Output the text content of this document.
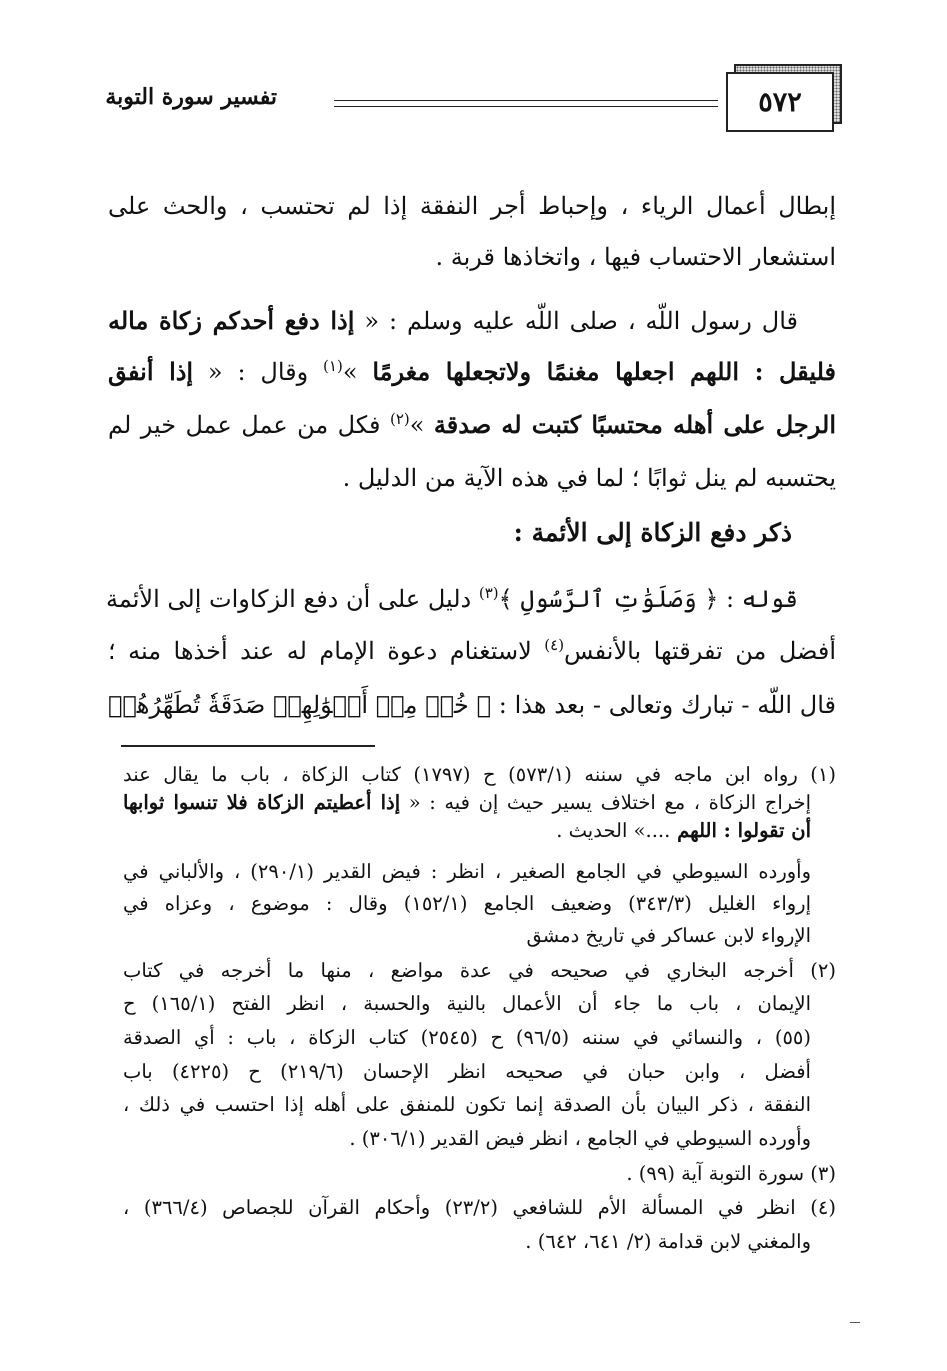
٥٧٢
تفسير سورة التوبة
إبطال أعمال الرياء ، وإحباط أجر النفقة إذا لم تحتسب ، والحث على
استشعار الاحتساب فيها ، واتخاذها قربة .
قال رسول اللّه ، صلى اللّه عليه وسلم : « إذا دفع أحدكم زكاة ماله
فليقل : اللهم اجعلها مغنمًا ولاتجعلها مغرمًا »$^{(١)}$ وقال : « إذا أنفق
الرجل على أهله محتسبًا كتبت له صدقة »$^{(٢)}$ فكل من عمل عمل خير لم
يحتسبه لم ينل ثوابًا ؛ لما في هذه الآية من الدليل .
ذكر دفع الزكاة إلى الأئمة :
قوله : ﴿ وَصَلَوَٰتِ ٱلرَّسُولِ ﴾$^{(٣)}$ دليل على أن دفع الزكاوات إلى الأئمة
أفضل من تفرقتها بالأنفس$^{(٤)}$ لاستغنام دعوة الإمام له عند أخذها منه ؛
قال اللّه - تبارك وتعالى - بعد هذا : ﴿ خُذۡ مِنۡ أَمۡوَٰلِهِمۡ صَدَقَةٗ تُطَهِّرُهُمۡ
(١) رواه ابن ماجه في سننه (٥٧٣/١) ح (١٧٩٧) كتاب الزكاة ، باب ما يقال عند
إخراج الزكاة ، مع اختلاف يسير حيث إن فيه : « إذا أعطيتم الزكاة فلا تنسوا ثوابها
أن تقولوا : اللهم ....» الحديث .
وأورده السيوطي في الجامع الصغير ، انظر : فيض القدير (٢٩٠/١) ، والألباني في
إرواء الغليل (٣٤٣/٣) وضعيف الجامع (١٥٢/١) وقال : موضوع ، وعزاه في
الإرواء لابن عساكر في تاريخ دمشق
(٢) أخرجه البخاري في صحيحه في عدة مواضع ، منها ما أخرجه في كتاب
الإيمان ، باب ما جاء أن الأعمال بالنية والحسبة ، انظر الفتح (١٦٥/١) ح
(٥٥) ، والنسائي في سننه (٩٦/٥) ح (٢٥٤٥) كتاب الزكاة ، باب : أي الصدقة
أفضل ، وابن حبان في صحيحه انظر الإحسان (٢١٩/٦) ح (٤٢٢٥) باب
النفقة ، ذكر البيان بأن الصدقة إنما تكون للمنفق على أهله إذا احتسب في ذلك ،
وأورده السيوطي في الجامع ، انظر فيض القدير (٣٠٦/١) .
(٣) سورة التوبة آية (٩٩) .
(٤) انظر في المسألة الأم للشافعي (٢٣/٢) وأحكام القرآن للجصاص (٣٦٦/٤) ،
والمغني لابن قدامة (٢/ ٦٤١، ٦٤٢) .
